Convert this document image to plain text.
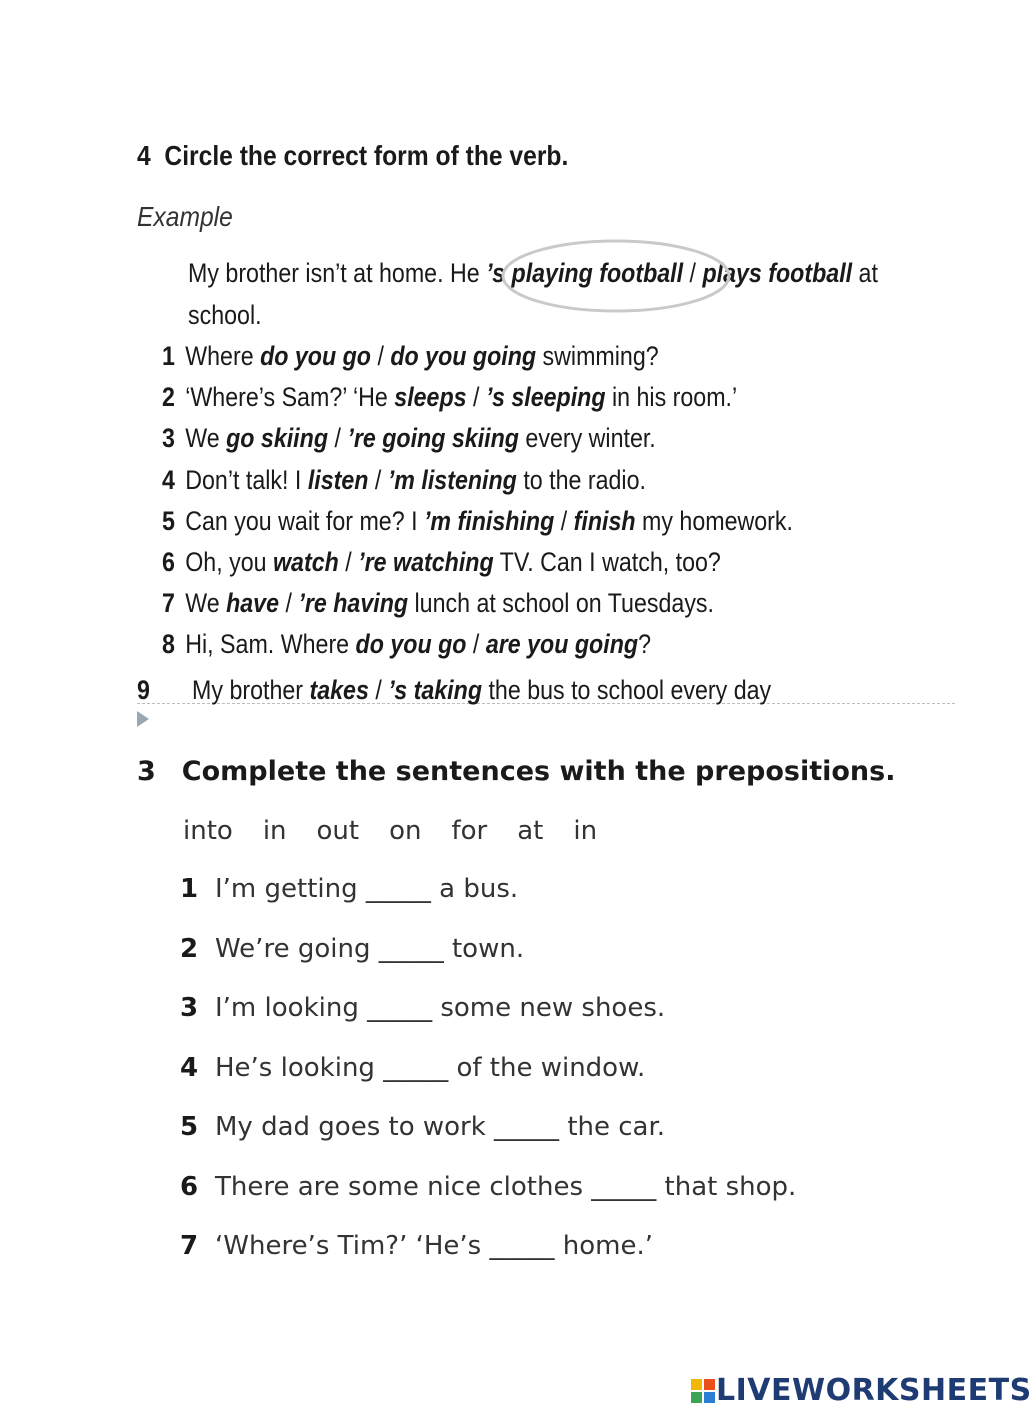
4 Circle the correct form of the verb.
Example
My brother isn’t at home. He ’s playing football / plays football at
school.
1 Where do you go / do you going swimming?
2 ‘Where’s Sam?’ ‘He sleeps / ’s sleeping in his room.’
3 We go skiing / ’re going skiing every winter.
4 Don’t talk! I listen / ’m listening to the radio.
5 Can you wait for me? I ’m finishing / finish my homework.
6 Oh, you watch / ’re watching TV. Can I watch, too?
7 We have / ’re having lunch at school on Tuesdays.
8 Hi, Sam. Where do you go / are you going?
9 My brother takes / ’s taking the bus to school every day
3 Complete the sentences with the prepositions.
into in out on for at in
1 I’m getting _____ a bus.
2 We’re going _____ town.
3 I’m looking _____ some new shoes.
4 He’s looking _____ of the window.
5 My dad goes to work _____ the car.
6 There are some nice clothes _____ that shop.
7 ‘Where’s Tim?’ ‘He’s _____ home.’
LIVEWORKSHEETS
